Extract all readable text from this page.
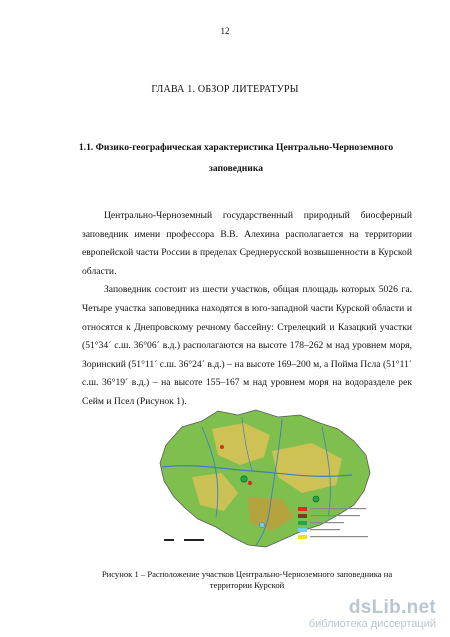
12
ГЛАВА 1. ОБЗОР ЛИТЕРАТУРЫ
1.1. Физико-географическая характеристика Центрально-Черноземного заповедника

Центрально-Черноземный государственный природный биосферный заповедник имени профессора В.В. Алехина располагается на территории европейской части России в пределах Среднерусской возвышенности в Курской области.

Заповедник состоит из шести участков, общая площадь которых 5026 га. Четыре участка заповедника находятся в юго-западной части Курской области и относятся к Днепровскому речному бассейну: Стрелецкий и Казацкий участки (51°34´ с.ш. 36°06´ в.д.) располагаются на высоте 178–262 м над уровнем моря, Зоринский (51°11´ с.ш. 36°24´ в.д.) – на высоте 169–200 м, а Пойма Псла (51°11´ с.ш. 36°19´ в.д.) – на высоте 155–167 м над уровнем моря на водоразделе рек Сейм и Псел (Рисунок 1).

Рисунок 1 – Расположение участков Центрально-Черноземного заповедника на территории Курской
dsLib.net
библиотека диссертаций
